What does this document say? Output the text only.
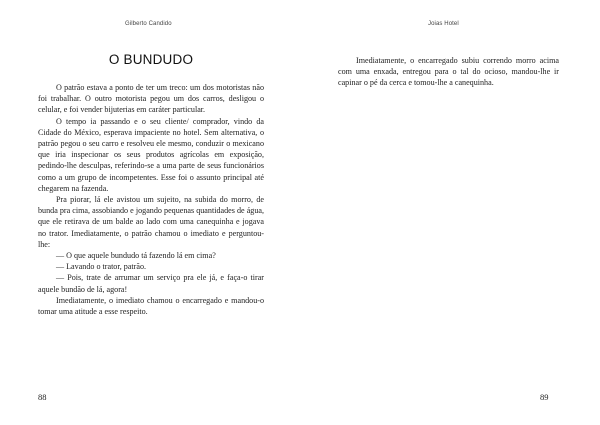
Gilberto Candido
O BUNDUDO

O patrão estava a ponto de ter um treco: um dos motoristas não foi trabalhar. O outro motorista pegou um dos carros, desligou o celular, e foi vender bijuterias em caráter particular.

O tempo ia passando e o seu cliente/ comprador, vindo da Cidade do México, esperava impaciente no hotel. Sem alternativa, o patrão pegou o seu carro e resolveu ele mesmo, conduzir o mexicano que iria inspecionar os seus produtos agrícolas em exposição, pedindo-lhe desculpas, referindo-se a uma parte de seus funcionários como a um grupo de incompetentes. Esse foi o assunto principal até chegarem na fazenda.

Pra piorar, lá ele avistou um sujeito, na subida do morro, de bunda pra cima, assobiando e jogando pequenas quantidades de água, que ele retirava de um balde ao lado com uma canequinha e jogava no trator. Imediatamente, o patrão chamou o imediato e perguntou-lhe:

— O que aquele bundudo tá fazendo lá em cima?

— Lavando o trator, patrão.

— Pois, trate de arrumar um serviço pra ele já, e faça-o tirar aquele bundão de lá, agora!

Imediatamente, o imediato chamou o encarregado e mandou-o tomar uma atitude a esse respeito.

88
Joias Hotel

Imediatamente, o encarregado subiu correndo morro acima com uma enxada, entregou para o tal do ocioso, mandou-lhe ir capinar o pé da cerca e tomou-lhe a canequinha.

89
